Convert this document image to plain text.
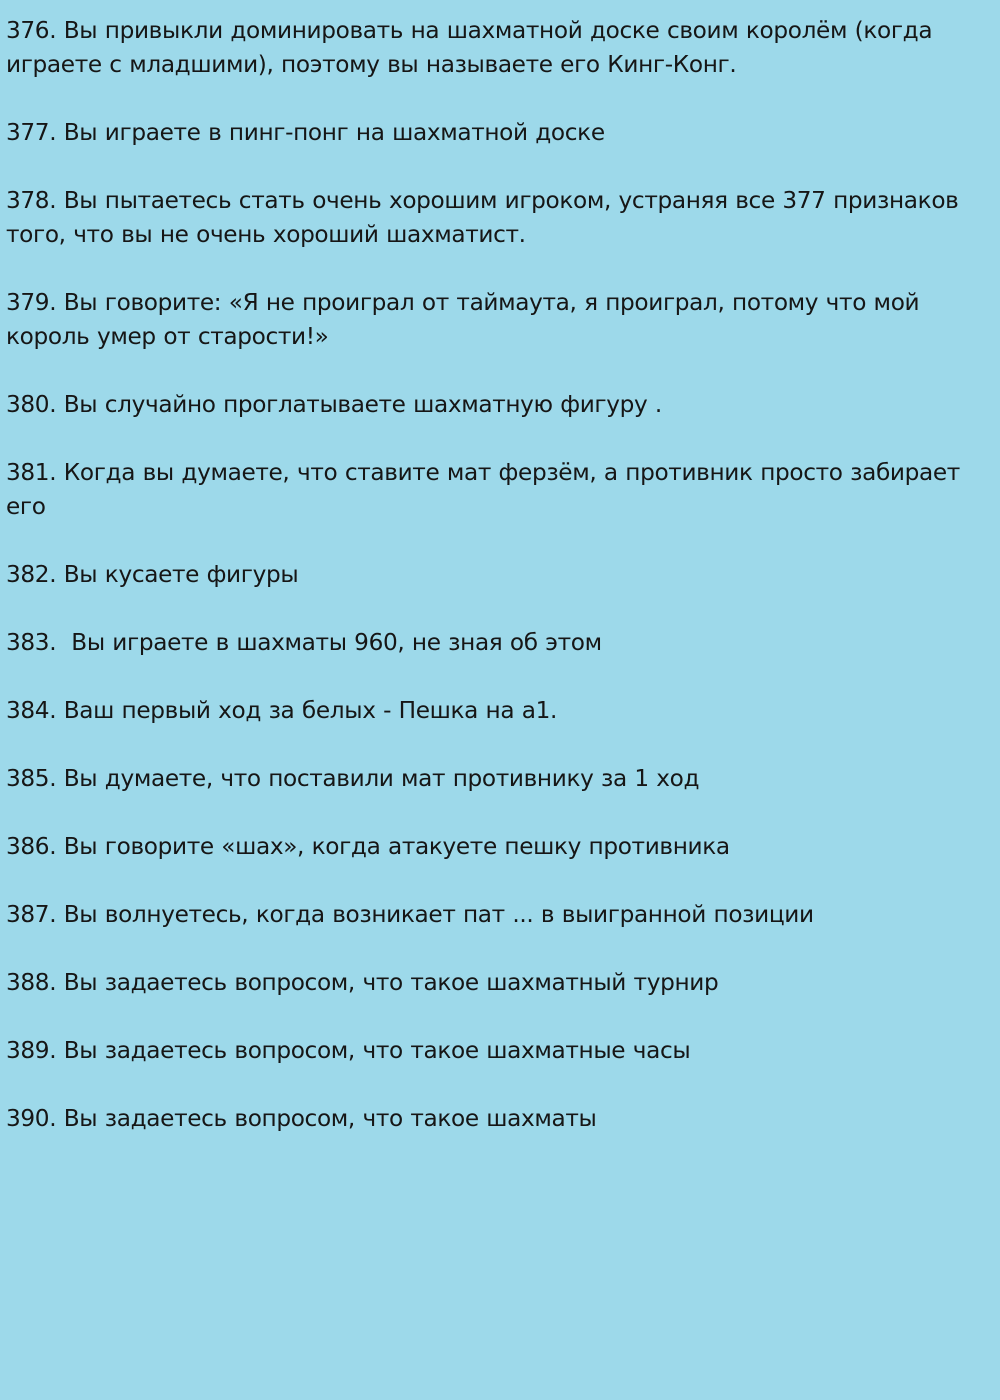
376. Вы привыкли доминировать на шахматной доске своим королём (когда играете с младшими), поэтому вы называете его Кинг-Конг.
377. Вы играете в пинг-понг на шахматной доске
378. Вы пытаетесь стать очень хорошим игроком, устраняя все 377 признаков того, что вы не очень хороший шахматист.
379. Вы говорите: «Я не проиграл от таймаута, я проиграл, потому что мой король умер от старости!»
380. Вы случайно проглатываете шахматную фигуру .
381. Когда вы думаете, что ставите мат ферзём, а противник просто забирает его
382. Вы кусаете фигуры
383.  Вы играете в шахматы 960, не зная об этом
384. Ваш первый ход за белых - Пешка на a1.
385. Вы думаете, что поставили мат противнику за 1 ход
386. Вы говорите «шах», когда атакуете пешку противника
387. Вы волнуетесь, когда возникает пат ... в выигранной позиции
388. Вы задаетесь вопросом, что такое шахматный турнир
389. Вы задаетесь вопросом, что такое шахматные часы
390. Вы задаетесь вопросом, что такое шахматы
